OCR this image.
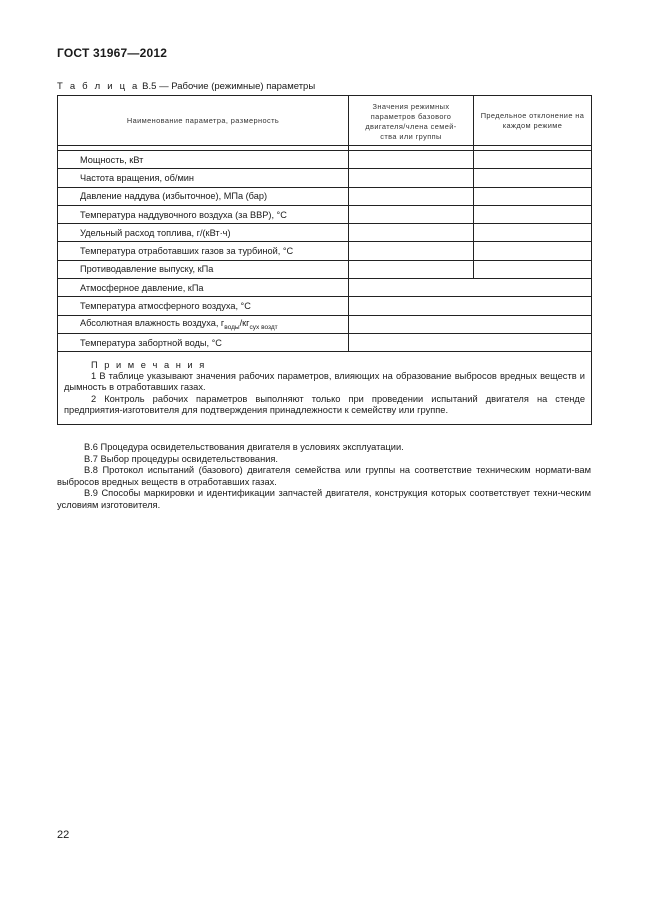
ГОСТ 31967—2012
Т а б л и ц а В.5 — Рабочие (режимные) параметры
Наименование параметра, размерность	Значения режимных параметров базового двигателя/члена семей-ства или группы	Предельное отклонение на каждом режиме

Мощность, кВт		
Частота вращения, об/мин		
Давление наддува (избыточное), МПа (бар)		
Температура наддувочного воздуха (за ВВР), °С		
Удельный расход топлива, г/(кВт·ч)		
Температура отработавших газов за турбиной, °С		
Противодавление выпуску, кПа		
Атмосферное давление, кПа		
Температура атмосферного воздуха, °С		
Абсолютная влажность воздуха, $г_{воды}/кг_{сух воздт}$	
Температура забортной воды, °С		

П р и м е ч а н и я
1 В таблице указывают значения рабочих параметров, влияющих на образование выбросов вредных веществ и дымность в отработавших газах.
2 Контроль рабочих параметров выполняют только при проведении испытаний двигателя на стенде предприятия-изготовителя для подтверждения принадлежности к семейству или группе.		

В.6 Процедура освидетельствования двигателя в условиях эксплуатации.

В.7 Выбор процедуры освидетельствования.

В.8 Протокол испытаний (базового) двигателя семейства или группы на соответствие техническим нормати-вам выбросов вредных веществ в отработавших газах.

В.9 Способы маркировки и идентификации запчастей двигателя, конструкция которых соответствует техни-ческим условиям изготовителя.

22
